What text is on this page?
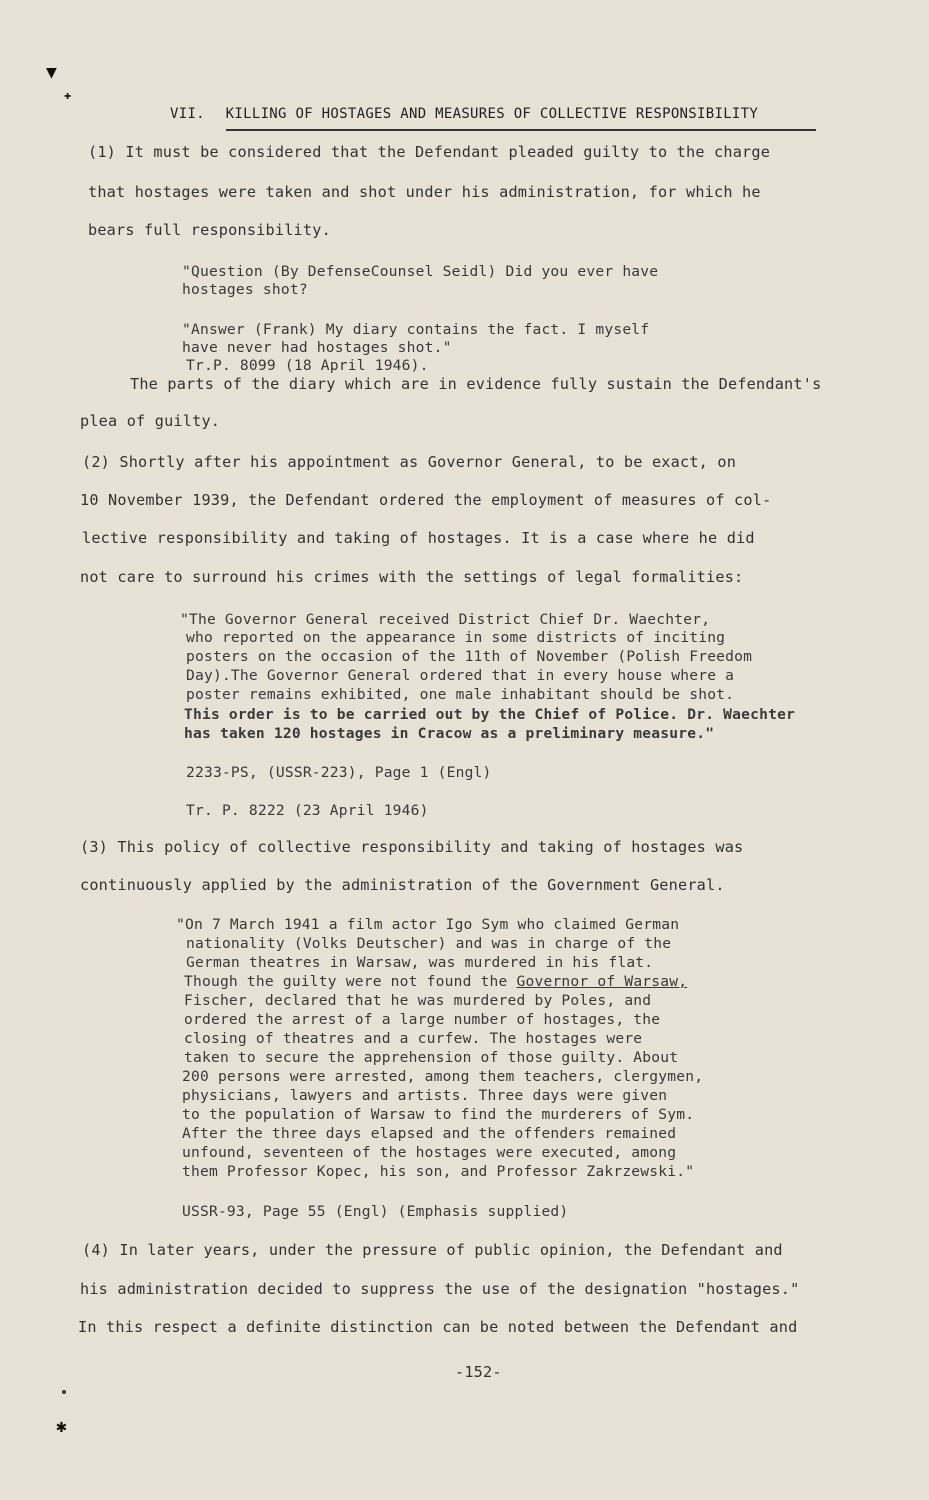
▼
✚
✱
VII. KILLING OF HOSTAGES AND MEASURES OF COLLECTIVE RESPONSIBILITY
(1) It must be considered that the Defendant pleaded guilty to the charge
that hostages were taken and shot under his administration, for which he
bears full responsibility.
"Question (By DefenseCounsel Seidl) Did you ever have
hostages shot?
"Answer (Frank) My diary contains the fact. I myself
have never had hostages shot."
Tr.P. 8099 (18 April 1946).
The parts of the diary which are in evidence fully sustain the Defendant's
plea of guilty.
(2) Shortly after his appointment as Governor General, to be exact, on
10 November 1939, the Defendant ordered the employment of measures of col-
lective responsibility and taking of hostages. It is a case where he did
not care to surround his crimes with the settings of legal formalities:
"The Governor General received District Chief Dr. Waechter,
who reported on the appearance in some districts of inciting
posters on the occasion of the 11th of November (Polish Freedom
Day).The Governor General ordered that in every house where a
poster remains exhibited, one male inhabitant should be shot.
This order is to be carried out by the Chief of Police. Dr. Waechter
has taken 120 hostages in Cracow as a preliminary measure."
2233-PS, (USSR-223), Page 1 (Engl)
Tr. P. 8222 (23 April 1946)
(3) This policy of collective responsibility and taking of hostages was
continuously applied by the administration of the Government General.
"On 7 March 1941 a film actor Igo Sym who claimed German
nationality (Volks Deutscher) and was in charge of the
German theatres in Warsaw, was murdered in his flat.
Though the guilty were not found the Governor of Warsaw,
Fischer, declared that he was murdered by Poles, and
ordered the arrest of a large number of hostages, the
closing of theatres and a curfew. The hostages were
taken to secure the apprehension of those guilty. About
200 persons were arrested, among them teachers, clergymen,
physicians, lawyers and artists. Three days were given
to the population of Warsaw to find the murderers of Sym.
After the three days elapsed and the offenders remained
unfound, seventeen of the hostages were executed, among
them Professor Kopec, his son, and Professor Zakrzewski."
USSR-93, Page 55 (Engl) (Emphasis supplied)
(4) In later years, under the pressure of public opinion, the Defendant and
his administration decided to suppress the use of the designation "hostages."
In this respect a definite distinction can be noted between the Defendant and
-152-
